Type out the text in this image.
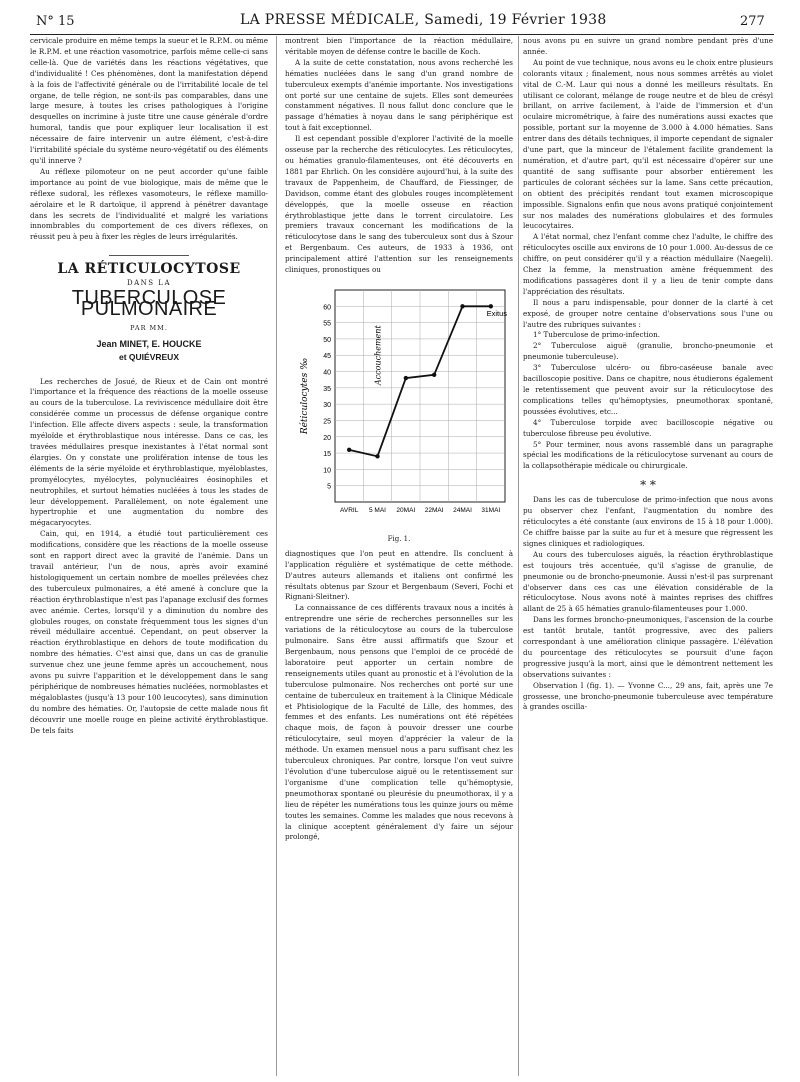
N° 15	LA PRESSE MÉDICALE, Samedi, 19 Février 1938	277

cervicale produire en même temps la sueur et le R.P.M. ou même le R.P.M. et une réaction vasomotrice, parfois même celle-ci sans celle-là. Que de variétés dans les réactions végétatives, que d'individualité ! Ces phénomènes, dont la manifestation dépend à la fois de l'affectivité générale ou de l'irritabilité locale de tel organe, de telle région, ne sont-ils pas comparables, dans une large mesure, à toutes les crises pathologiques à l'origine desquelles on incrimine à juste titre une cause générale d'ordre humoral, tandis que pour expliquer leur localisation il est nécessaire de faire intervenir un autre élément, c'est-à-dire l'irritabilité spéciale du système neuro-végétatif ou des éléments qu'il innerve ?

Au réflexe pilomoteur on ne peut accorder qu'une faible importance au point de vue biologique, mais de même que le réflexe sudoral, les réflexes vasomoteurs, le réflexe mamillo-aérolaire et le R dartoïque, il apprend à pénétrer davantage dans les secrets de l'individualité et malgré les variations innombrables du comportement de ces divers réflexes, on réussit peu à peu à fixer les règles de leurs irrégularités.

LA RÉTICULOCYTOSE
DANS LA
TUBERCULOSE PULMONAIRE
PAR MM.
Jean MINET, E. HOUCKE
et QUIÉVREUX

Les recherches de Josué, de Rieux et de Cain ont montré l'importance et la fréquence des réactions de la moelle osseuse au cours de la tuberculose. La reviviscence médullaire doit être considérée comme un processus de défense organique contre l'infection. Elle affecte divers aspects : seule, la transformation myéloïde et érythroblastique nous intéresse. Dans ce cas, les travées médullaires presque inexistantes à l'état normal sont élargies. On y constate une prolifération intense de tous les éléments de la série myéloïde et érythroblastique, myéloblastes, promyélocytes, myélocytes, polynucléaires éosinophiles et neutrophiles, et surtout hématies nucléées à tous les stades de leur développement. Parallèlement, on note également une hypertrophie et une augmentation du nombre des mégacaryocytes.

Cain, qui, en 1914, a étudié tout particulièrement ces modifications, considère que les réactions de la moelle osseuse sont en rapport direct avec la gravité de l'anémie. Dans un travail antérieur, l'un de nous, après avoir examiné histologiquement un certain nombre de moelles prélevées chez des tuberculeux pulmonaires, a été amené à conclure que la réaction érythroblastique n'est pas l'apanage exclusif des formes avec anémie. Certes, lorsqu'il y a diminution du nombre des globules rouges, on constate fréquemment tous les signes d'un réveil médullaire accentué. Cependant, on peut observer la réaction érythroblastique en dehors de toute modification du nombre des hématies. C'est ainsi que, dans un cas de granulie survenue chez une jeune femme après un accouchement, nous avons pu suivre l'apparition et le développement dans le sang périphérique de nombreuses hématies nucléées, normoblastes et mégaloblastes (jusqu'à 13 pour 100 leucocytes), sans diminution du nombre des hématies. Or, l'autopsie de cette malade nous fit découvrir une moelle rouge en pleine activité érythroblastique. De tels faits

montrent bien l'importance de la réaction médullaire, véritable moyen de défense contre le bacille de Koch.

A la suite de cette constatation, nous avons recherché les hématies nucléées dans le sang d'un grand nombre de tuberculeux exempts d'anémie importante. Nos investigations ont porté sur une centaine de sujets. Elles sont demeurées constamment négatives. Il nous fallut donc conclure que le passage d'hématies à noyau dans le sang périphérique est tout à fait exceptionnel.

Il est cependant possible d'explorer l'activité de la moelle osseuse par la recherche des réticulocytes. Les réticulocytes, ou hématies granulo-filamenteuses, ont été découverts en 1881 par Ehrlich. On les considère aujourd'hui, à la suite des travaux de Pappenheim, de Chauffard, de Fiessinger, de Davidson, comme étant des globules rouges incomplètement développés, que la moelle osseuse en réaction érythroblastique jette dans le torrent circulatoire. Les premiers travaux concernant les modifications de la réticulocytose dans le sang des tuberculeux sont dus à Szour et Bergenbaum. Ces auteurs, de 1933 à 1936, ont principalement attiré l'attention sur les renseignements cliniques, pronostiques ou

5
10
15
20
25
30
35
40
45
50
55
60
AVRIL 5 MAI 20MAI 22MAI 24MAI 31MAI
Réticulocytes ‰
Accouchement
Exitus
Fig. 1.

diagnostiques que l'on peut en attendre. Ils concluent à l'application régulière et systématique de cette méthode. D'autres auteurs allemands et italiens ont confirmé les résultats obtenus par Szour et Bergenbaum (Severi, Fochi et Rignani-Sleitner).

La connaissance de ces différents travaux nous a incités à entreprendre une série de recherches personnelles sur les variations de la réticulocytose au cours de la tuberculose pulmonaire. Sans être aussi affirmatifs que Szour et Bergenbaum, nous pensons que l'emploi de ce procédé de laboratoire peut apporter un certain nombre de renseignements utiles quant au pronostic et à l'évolution de la tuberculose pulmonaire. Nos recherches ont porté sur une centaine de tuberculeux en traitement à la Clinique Médicale et Phtisiologique de la Faculté de Lille, des hommes, des femmes et des enfants. Les numérations ont été répétées chaque mois, de façon à pouvoir dresser une courbe réticulocytaire, seul moyen d'apprécier la valeur de la méthode. Un examen mensuel nous a paru suffisant chez les tuberculeux chroniques. Par contre, lorsque l'on veut suivre l'évolution d'une tuberculose aiguë ou le retentissement sur l'organisme d'une complication telle qu'hémoptysie, pneumothorax spontané ou pleurésie du pneumothorax, il y a lieu de répéter les numérations tous les quinze jours ou même toutes les semaines. Comme les malades que nous recevons à la clinique acceptent généralement d'y faire un séjour prolongé,

nous avons pu en suivre un grand nombre pendant près d'une année.

Au point de vue technique, nous avons eu le choix entre plusieurs colorants vitaux ; finalement, nous nous sommes arrêtés au violet vital de C.-M. Laur qui nous a donné les meilleurs résultats. En utilisant ce colorant, mélange de rouge neutre et de bleu de crésyl brillant, on arrive facilement, à l'aide de l'immersion et d'un oculaire micrométrique, à faire des numérations aussi exactes que possible, portant sur la moyenne de 3.000 à 4.000 hématies. Sans entrer dans des détails techniques, il importe cependant de signaler d'une part, que la minceur de l'étalement facilite grandement la numération, et d'autre part, qu'il est nécessaire d'opérer sur une quantité de sang suffisante pour absorber entièrement les particules de colorant séchées sur la lame. Sans cette précaution, on obtient des précipités rendant tout examen microscopique impossible. Signalons enfin que nous avons pratiqué conjointement sur nos malades des numérations globulaires et des formules leucocytaires.

A l'état normal, chez l'enfant comme chez l'adulte, le chiffre des réticulocytes oscille aux environs de 10 pour 1.000. Au-dessus de ce chiffre, on peut considérer qu'il y a réaction médullaire (Naegeli). Chez la femme, la menstruation amène fréquemment des modifications passagères dont il y a lieu de tenir compte dans l'appréciation des résultats.

Il nous a paru indispensable, pour donner de la clarté à cet exposé, de grouper notre centaine d'observations sous l'une ou l'autre des rubriques suivantes :

1° Tuberculose de primo-infection.

2° Tuberculose aiguë (granulie, broncho-pneumonie et pneumonie tuberculeuse).

3° Tuberculose ulcéro- ou fibro-caséeuse banale avec bacilloscopie positive. Dans ce chapitre, nous étudierons également le retentissement que peuvent avoir sur la réticulocytose des complications telles qu'hémoptysies, pneumothorax spontané, poussées évolutives, etc...

4° Tuberculose torpide avec bacilloscopie négative ou tuberculose fibreuse peu évolutive.

5° Pour terminer, nous avons rassemblé dans un paragraphe spécial les modifications de la réticulocytose survenant au cours de la collapsothérapie médicale ou chirurgicale.

* *

Dans les cas de tuberculose de primo-infection que nous avons pu observer chez l'enfant, l'augmentation du nombre des réticulocytes a été constante (aux environs de 15 à 18 pour 1.000). Ce chiffre baisse par la suite au fur et à mesure que régressent les signes cliniques et radiologiques.

Au cours des tuberculoses aiguës, la réaction érythroblastique est toujours très accentuée, qu'il s'agisse de granulie, de pneumonie ou de broncho-pneumonie. Aussi n'est-il pas surprenant d'observer dans ces cas une élévation considérable de la réticulocytose. Nous avons noté à maintes reprises des chiffres allant de 25 à 65 hématies granulo-filamenteuses pour 1.000.

Dans les formes broncho-pneumoniques, l'ascension de la courbe est tantôt brutale, tantôt progressive, avec des paliers correspondant à une amélioration clinique passagère. L'élévation du pourcentage des réticulocytes se poursuit d'une façon progressive jusqu'à la mort, ainsi que le démontrent nettement les observations suivantes :

Observation I (fig. 1). — Yvonne C..., 29 ans, fait, après une 7e grossesse, une broncho-pneumonie tuberculeuse avec température à grandes oscilla-
